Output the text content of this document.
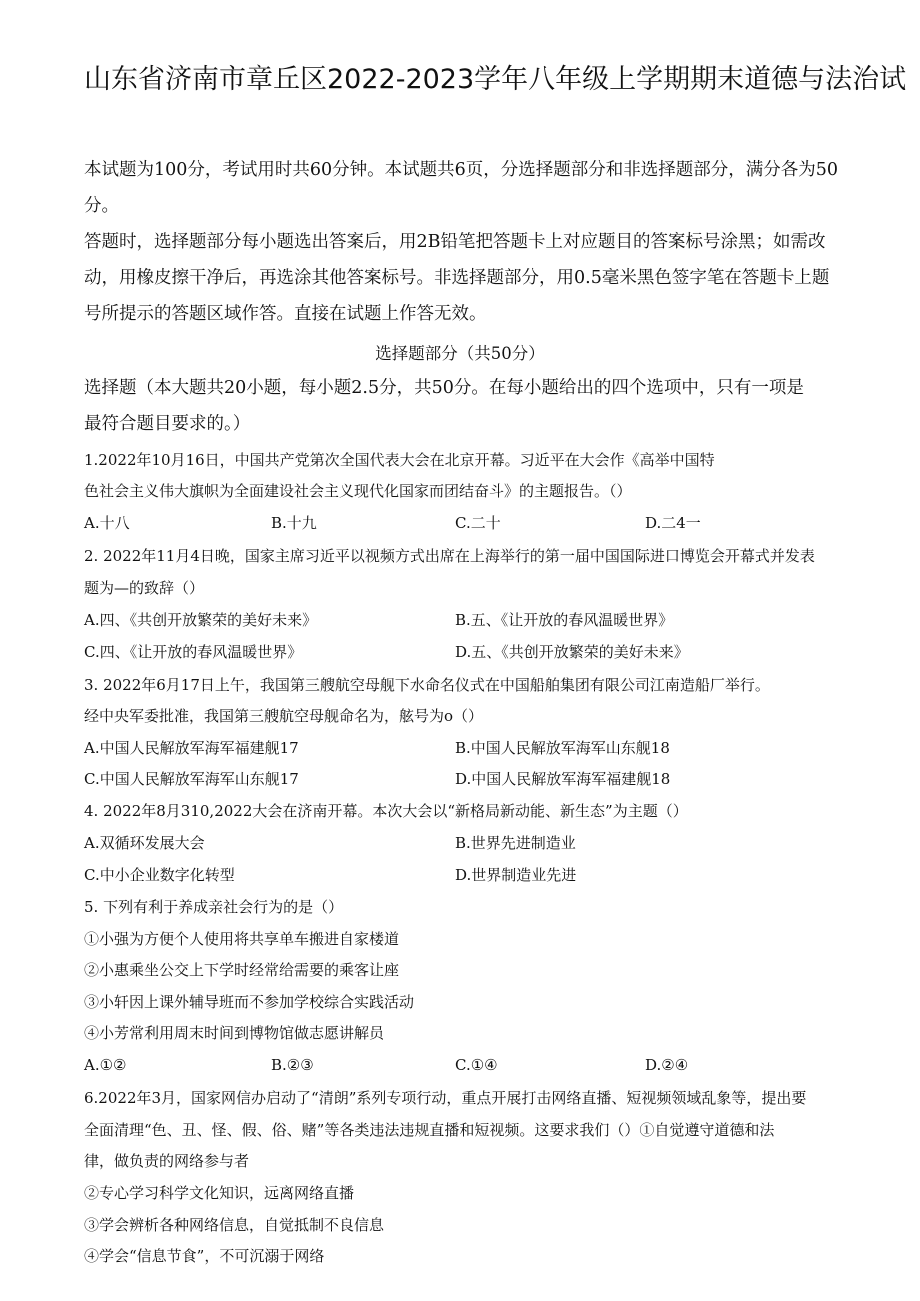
山东省济南市章丘区2022-2023学年八年级上学期期末道德与法治试
本试题为100分，考试用时共60分钟。本试题共6页，分选择题部分和非选择题部分，满分各为50分。
答题时，选择题部分每小题选出答案后，用2B铅笔把答题卡上对应题目的答案标号涂黑；如需改动，用橡皮擦干净后，再选涂其他答案标号。非选择题部分，用0.5毫米黑色签字笔在答题卡上题号所提示的答题区域作答。直接在试题上作答无效。
选择题部分（共50分）
选择题（本大题共20小题，每小题2.5分，共50分。在每小题给出的四个选项中，只有一项是
最符合题目要求的。）
1.2022年10月16日，中国共产党第次全国代表大会在北京开幕。习近平在大会作《高举中国特
色社会主义伟大旗帜为全面建设社会主义现代化国家而团结奋斗》的主题报告。（）
A.十八	B.十九	C.二十	D.二4一
2. 2022年11月4日晚，国家主席习近平以视频方式出席在上海举行的第一届中国国际进口博览会开幕式并发表
题为—的致辞（）
A.四、《共创开放繁荣的美好未来》	B.五、《让开放的春风温暖世界》
C.四、《让开放的春风温暖世界》	D.五、《共创开放繁荣的美好未来》
3. 2022年6月17日上午，我国第三艘航空母舰下水命名仪式在中国船舶集团有限公司江南造船厂举行。
经中央军委批准，我国第三艘航空母舰命名为，舷号为o（）
A.中国人民解放军海军福建舰17	B.中国人民解放军海军山东舰18
C.中国人民解放军海军山东舰17	D.中国人民解放军海军福建舰18
4. 2022年8月310,2022大会在济南开幕。本次大会以“新格局新动能、新生态”为主题（）
A.双循环发展大会	B.世界先进制造业
C.中小企业数字化转型	D.世界制造业先进
5. 下列有利于养成亲社会行为的是（）
①小强为方便个人使用将共享单车搬进自家楼道
②小惠乘坐公交上下学时经常给需要的乘客让座
③小轩因上课外辅导班而不参加学校综合实践活动
④小芳常利用周末时间到博物馆做志愿讲解员
A.①②	B.②③	C.①④	D.②④
6.2022年3月，国家网信办启动了“清朗”系列专项行动，重点开展打击网络直播、短视频领域乱象等，提出要
全面清理“色、丑、怪、假、俗、赌”等各类违法违规直播和短视频。这要求我们（）①自觉遵守道德和法
律，做负责的网络参与者
②专心学习科学文化知识，远离网络直播
③学会辨析各种网络信息，自觉抵制不良信息
④学会“信息节食”，不可沉溺于网络
